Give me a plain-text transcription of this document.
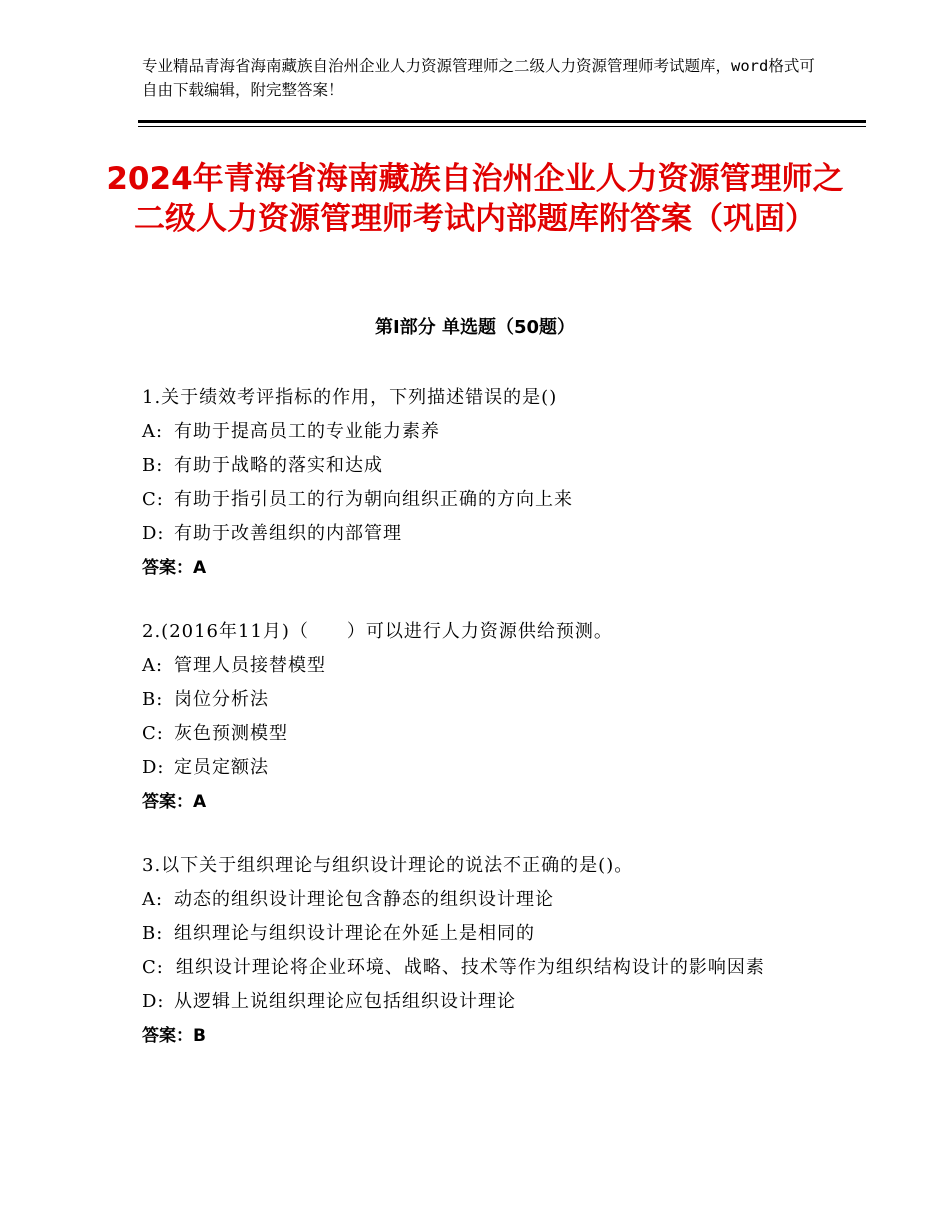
专业精品青海省海南藏族自治州企业人力资源管理师之二级人力资源管理师考试题库，word格式可自由下载编辑，附完整答案！
2024年青海省海南藏族自治州企业人力资源管理师之二级人力资源管理师考试内部题库附答案（巩固）
第Ⅰ部分 单选题（50题）
1.关于绩效考评指标的作用，下列描述错误的是()
A: 有助于提高员工的专业能力素养
B: 有助于战略的落实和达成
C: 有助于指引员工的行为朝向组织正确的方向上来
D: 有助于改善组织的内部管理
答案：A
2.(2016年11月)（　　）可以进行人力资源供给预测。
A: 管理人员接替模型
B: 岗位分析法
C: 灰色预测模型
D: 定员定额法
答案：A
3.以下关于组织理论与组织设计理论的说法不正确的是()。
A: 动态的组织设计理论包含静态的组织设计理论
B: 组织理论与组织设计理论在外延上是相同的
C: 组织设计理论将企业环境、战略、技术等作为组织结构设计的影响因素
D: 从逻辑上说组织理论应包括组织设计理论
答案：B
